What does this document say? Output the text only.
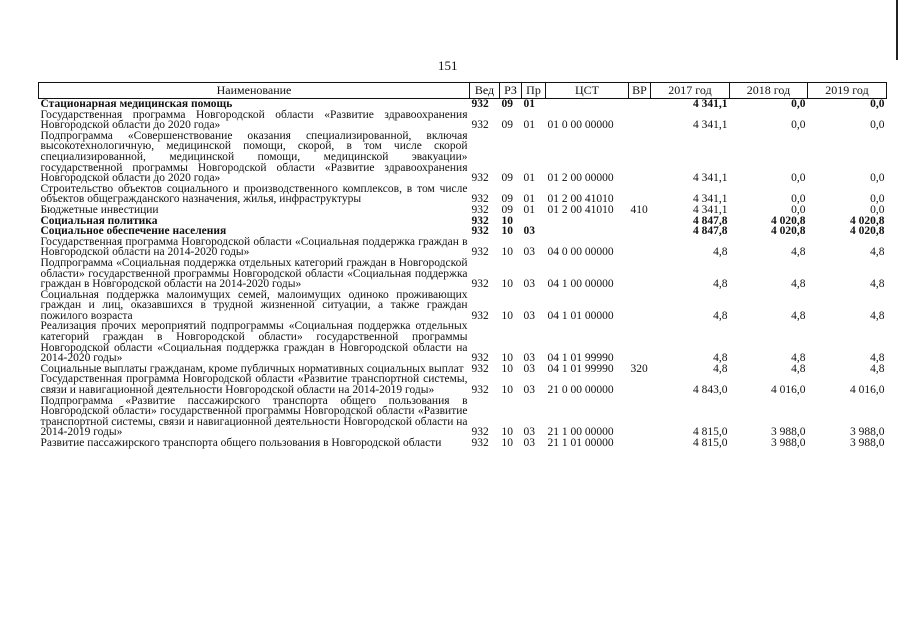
151
Наименование	Вед	РЗ	Пр	ЦСТ	ВР	2017 год	2018 год	2019 год
Стационарная медицинская помощь	932	09	01			4 341,1	0,0	0,0
Государственная программа Новгородской области «Развитие здравоохранения Новгородской области до 2020 года»	932	09	01	01 0 00 00000		4 341,1	0,0	0,0
Подпрограмма «Совершенствование оказания специализированной, включая высокотехнологичную, медицинской помощи, скорой, в том числе скорой специализированной, медицинской помощи, медицинской эвакуации» государственной программы Новгородской области «Развитие здравоохранения Новгородской области до 2020 года»	932	09	01	01 2 00 00000		4 341,1	0,0	0,0
Строительство объектов социального и производственного комплексов, в том числе объектов общегражданского назначения, жилья, инфраструктуры	932	09	01	01 2 00 41010		4 341,1	0,0	0,0
Бюджетные инвестиции	932	09	01	01 2 00 41010	410	4 341,1	0,0	0,0
Социальная политика	932	10				4 847,8	4 020,8	4 020,8
Социальное обеспечение населения	932	10	03			4 847,8	4 020,8	4 020,8
Государственная программа Новгородской области «Социальная поддержка граждан в Новгородской области на 2014-2020 годы»	932	10	03	04 0 00 00000		4,8	4,8	4,8
Подпрограмма «Социальная поддержка отдельных категорий граждан в Новгородской области» государственной программы Новгородской области «Социальная поддержка граждан в Новгородской области на 2014-2020 годы»	932	10	03	04 1 00 00000		4,8	4,8	4,8
Социальная поддержка малоимущих семей, малоимущих одиноко проживающих граждан и лиц, оказавшихся в трудной жизненной ситуации, а также граждан пожилого возраста	932	10	03	04 1 01 00000		4,8	4,8	4,8
Реализация прочих мероприятий подпрограммы «Социальная поддержка отдельных категорий граждан в Новгородской области» государственной программы Новгородской области «Социальная поддержка граждан в Новгородской области на 2014-2020 годы»	932	10	03	04 1 01 99990		4,8	4,8	4,8
Социальные выплаты гражданам, кроме публичных нормативных социальных выплат	932	10	03	04 1 01 99990	320	4,8	4,8	4,8
Государственная программа Новгородской области «Развитие транспортной системы, связи и навигационной деятельности Новгородской области на 2014-2019 годы»	932	10	03	21 0 00 00000		4 843,0	4 016,0	4 016,0
Подпрограмма «Развитие пассажирского транспорта общего пользования в Новгородской области» государственной программы Новгородской области «Развитие транспортной системы, связи и навигационной деятельности Новгородской области на 2014-2019 годы»	932	10	03	21 1 00 00000		4 815,0	3 988,0	3 988,0
Развитие пассажирского транспорта общего пользования в Новгородской области	932	10	03	21 1 01 00000		4 815,0	3 988,0	3 988,0
